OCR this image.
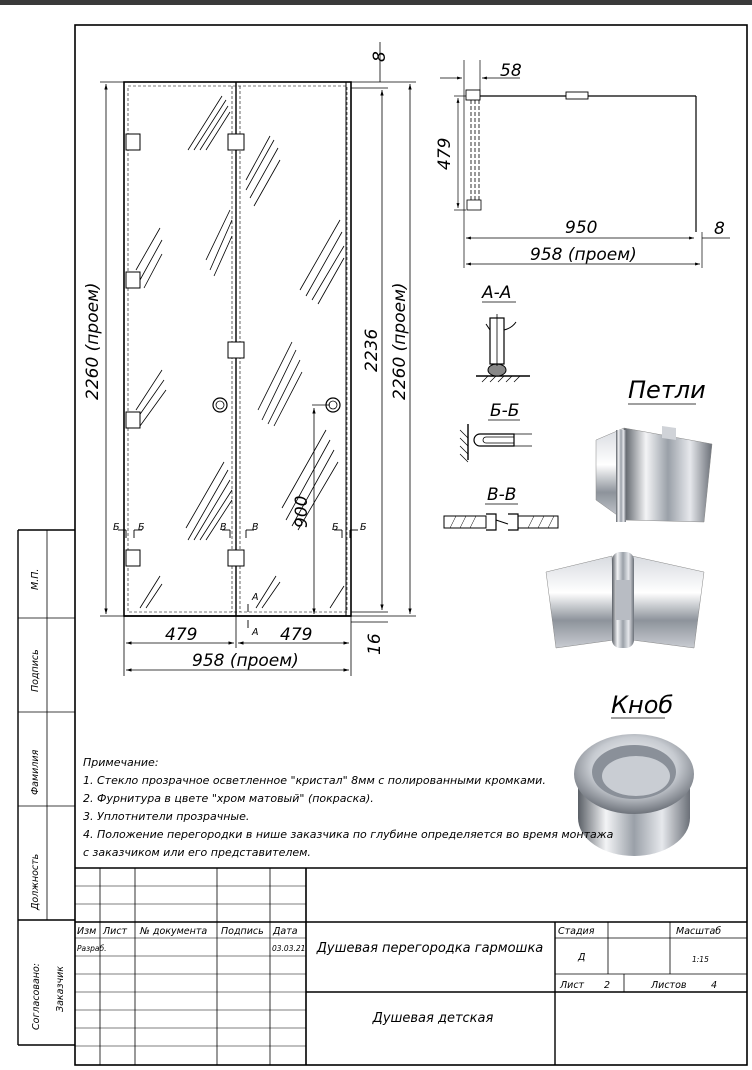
Б Б	В	В	Б Б
А
А
8
2260 (проем)	2236 2260 (проем)
900
479	479
958 (проем)
16
58
479
950	8
958 (проем)
А-А
Б-Б
В-В
Петли
Кноб
Примечание:
1. Стекло прозрачное осветленное "кристал" 8мм с полированными кромками.
2. Фурнитура в цвете "хром матовый" (покраска).
3. Уплотнители прозрачные.
4. Положение перегородки в нише заказчика по глубине определяется во время монтажа
с заказчиком или его представителем.
М.П.
Подпись
Фамилия
Должность
Согласовано: Заказчик
Изм Лист № документа Подпись Дата
Разраб.	03.03.21 Душевая перегородка гармошка
Душевая детская
Стадия
Д
Масштаб
1:15
Лист 2	Листов	4
